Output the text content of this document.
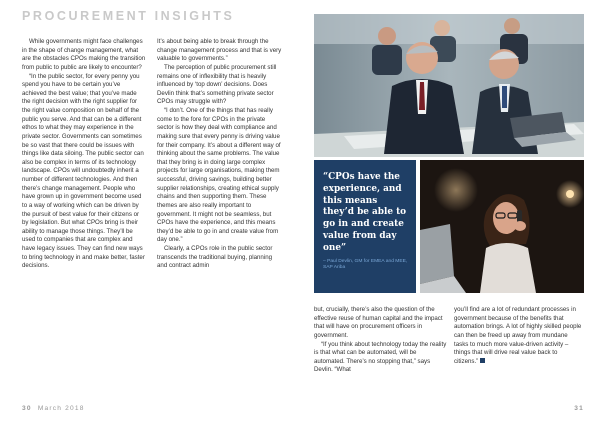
PROCUREMENT INSIGHTS

While governments might face challenges in the shape of change management, what are the obstacles CPOs making the transition from public to public are likely to encounter?

“In the public sector, for every penny you spend you have to be certain you’ve achieved the best value; that you’ve made the right decision with the right supplier for the right value composition on behalf of the public you serve. And that can be a different ethos to what they may experience in the private sector. Governments can sometimes be so vast that there could be issues with things like data siloing. The public sector can also be complex in terms of its technology landscape. CPOs will undoubtedly inherit a number of different technologies. And then there’s change management. People who have grown up in government become used to a way of working which can be driven by the pursuit of best value for their citizens or by legislation. But what CPOs bring is their ability to manage those things. They’ll be used to companies that are complex and have legacy issues. They can find new ways to bring technology in and make better, faster decisions.

It’s about being able to break through the change management process and that is very valuable to governments.”

The perception of public procurement still remains one of inflexibility that is heavily influenced by ‘top down’ decisions. Does Devlin think that’s something private sector CPOs may struggle with?

“I don’t. One of the things that has really come to the fore for CPOs in the private sector is how they deal with compliance and making sure that every penny is driving value for their company. It’s about a different way of thinking about the same problems. The value that they bring is in doing large complex projects for large organisations, making them successful, driving savings, building better supplier relationships, creating ethical supply chains and then supporting them. These themes are also really important to government. It might not be seamless, but CPOs have the experience, and this means they’d be able to go in and create value from day one.”

Clearly, a CPOs role in the public sector transcends the traditional buying, planning and contract admin

“CPOs have the experience, and this means they’d be able to go in and create value from day one”
– Paul Devlin, GM for EMEA and MEE, SAP Ariba

but, crucially, there’s also the question of the effective reuse of human capital and the impact that will have on procurement officers in government.

“If you think about technology today the reality is that what can be automated, will be automated. There’s no stopping that,” says Devlin. “What

you’ll find are a lot of redundant processes in government because of the benefits that automation brings. A lot of highly skilled people can then be freed up away from mundane tasks to much more value-driven activity – things that will drive real value back to citizens.”

30 March 2018	31
